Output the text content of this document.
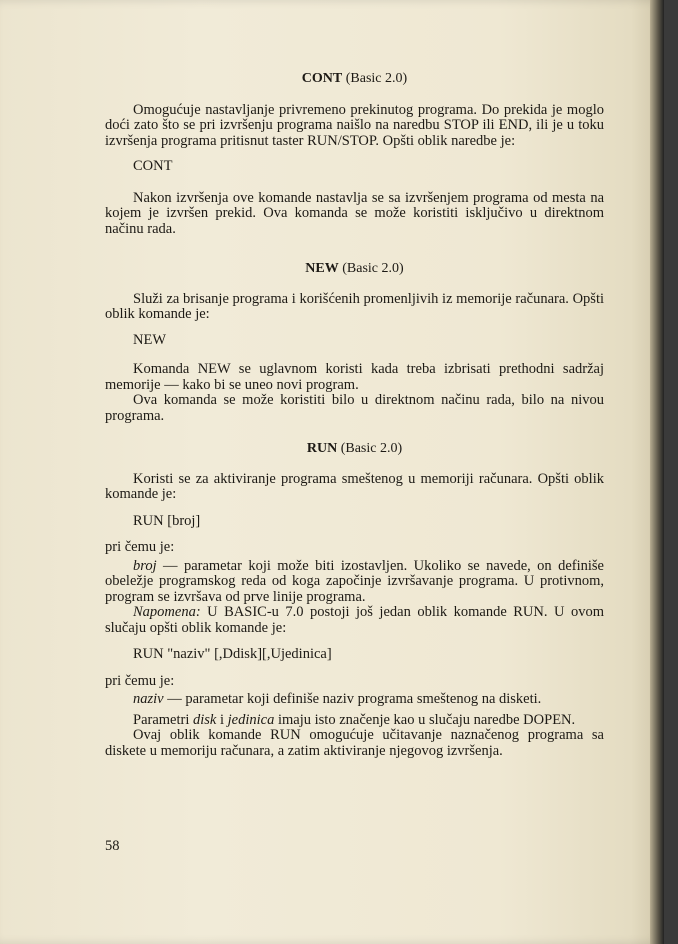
CONT (Basic 2.0)

Omogućuje nastavljanje privremeno prekinutog programa. Do prekida je moglo doći zato što se pri izvršenju programa naišlo na naredbu STOP ili END, ili je u toku izvršenja programa pritisnut taster RUN/STOP. Opšti oblik naredbe je:

CONT

Nakon izvršenja ove komande nastavlja se sa izvršenjem programa od mesta na kojem je izvršen prekid. Ova komanda se može koristiti isključivo u direktnom načinu rada.

NEW (Basic 2.0)

Služi za brisanje programa i korišćenih promenljivih iz memorije računara. Opšti oblik komande je:

NEW

Komanda NEW se uglavnom koristi kada treba izbrisati prethodni sadržaj memorije — kako bi se uneo novi program.

Ova komanda se može koristiti bilo u direktnom načinu rada, bilo na nivou programa.

RUN (Basic 2.0)

Koristi se za aktiviranje programa smeštenog u memoriji računara. Opšti oblik komande je:

RUN [broj]

pri čemu je:

broj — parametar koji može biti izostavljen. Ukoliko se navede, on definiše obeležje programskog reda od koga započinje izvršavanje programa. U protivnom, program se izvršava od prve linije programa.

Napomena: U BASIC-u 7.0 postoji još jedan oblik komande RUN. U ovom slučaju opšti oblik komande je:

RUN "naziv" [,Ddisk][,Ujedinica]

pri čemu je:

naziv — parametar koji definiše naziv programa smeštenog na disketi.

Parametri disk i jedinica imaju isto značenje kao u slučaju naredbe DOPEN.

Ovaj oblik komande RUN omogućuje učitavanje naznačenog programa sa diskete u memoriju računara, a zatim aktiviranje njegovog izvršenja.

58
